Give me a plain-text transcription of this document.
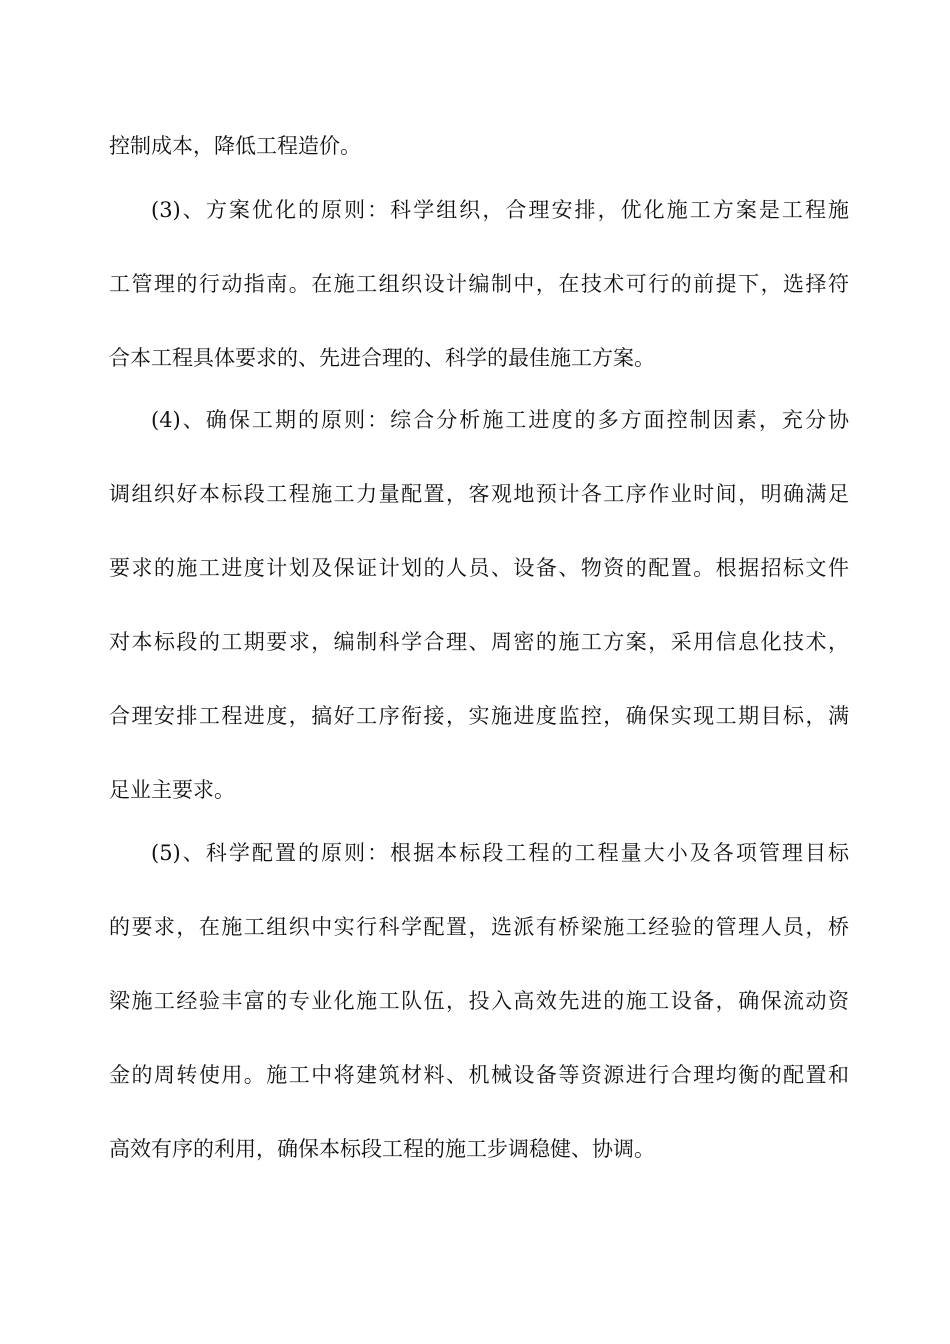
控制成本，降低工程造价。
(3)、方案优化的原则：科学组织，合理安排，优化施工方案是工程施
工管理的行动指南。在施工组织设计编制中，在技术可行的前提下，选择符
合本工程具体要求的、先进合理的、科学的最佳施工方案。
(4)、确保工期的原则：综合分析施工进度的多方面控制因素，充分协
调组织好本标段工程施工力量配置，客观地预计各工序作业时间，明确满足
要求的施工进度计划及保证计划的人员、设备、物资的配置。根据招标文件
对本标段的工期要求，编制科学合理、周密的施工方案，采用信息化技术，
合理安排工程进度，搞好工序衔接，实施进度监控，确保实现工期目标，满
足业主要求。
(5)、科学配置的原则：根据本标段工程的工程量大小及各项管理目标
的要求，在施工组织中实行科学配置，选派有桥梁施工经验的管理人员，桥
梁施工经验丰富的专业化施工队伍，投入高效先进的施工设备，确保流动资
金的周转使用。施工中将建筑材料、机械设备等资源进行合理均衡的配置和
高效有序的利用，确保本标段工程的施工步调稳健、协调。
